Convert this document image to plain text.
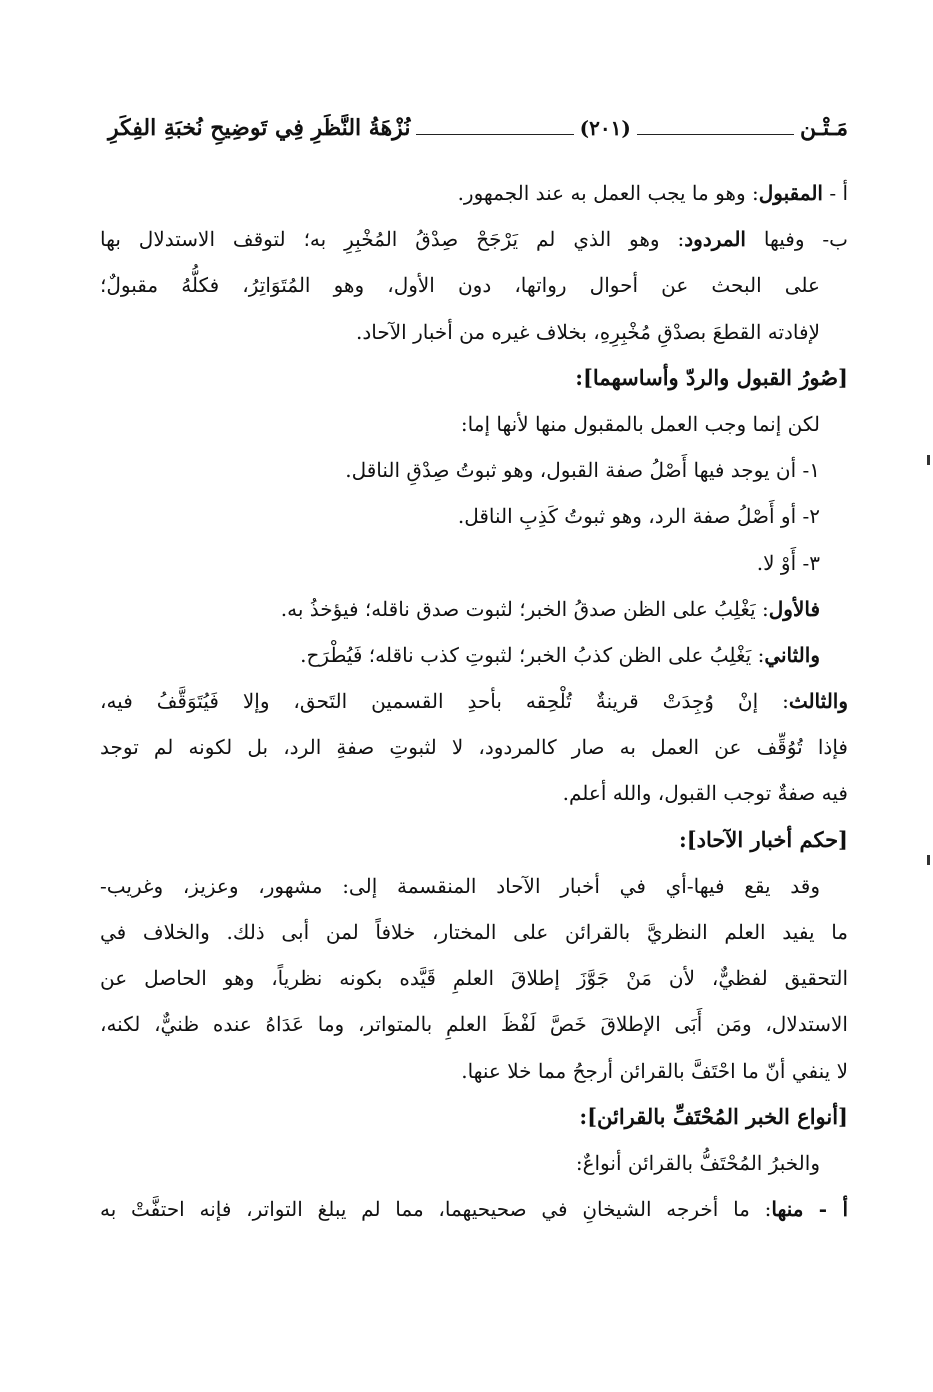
مَـتْـن
(٢٠١)
نُزْهَةُ النَّظَرِ فِي تَوضِيحِ نُخبَةِ الفِكَرِ
أ - المقبول: وهو ما يجب العمل به عند الجمهور.
ب- وفيها المردود: وهو الذي لم يَرْجَحْ صِدْقُ المُخْبِرِ به؛ لتوقف الاستدلال بها
على البحث عن أحوال رواتها، دون الأول، وهو المُتَوَاتِرُ، فكلُّهُ مقبولٌ؛
لإفادته القطعَ بصدْقِ مُخْبِرِهِ، بخلاف غيره من أخبار الآحاد.
[صُورُ القبول والردّ وأساسهما]:
لكن إنما وجب العمل بالمقبول منها لأنها إما:
١- أن يوجد فيها أَصْلُ صفة القبول، وهو ثبوتُ صِدْقِ الناقل.
٢- أو أَصْلُ صفة الرد، وهو ثبوتُ كَذِبِ الناقل.
٣- أَوْ لا.
فالأول: يَغْلِبُ على الظن صدقُ الخبر؛ لثبوت صدق ناقله؛ فيؤخذُ به.
والثاني: يَغْلِبُ على الظن كذبُ الخبر؛ لثبوتِ كذب ناقله؛ فَيُطْرَح.
والثالث: إنْ وُجِدَتْ قرينةٌ تُلْحِقه بأحدِ القسمين التَحق، وإلا فَيُتَوَقَّفُ فيه،
فإذا تُوُقِّف عن العمل به صار كالمردود، لا لثبوتِ صفةِ الرد، بل لكونه لم توجد
فيه صفةٌ توجب القبول، والله أعلم.
[حكم أخبار الآحاد]:
وقد يقع فيها-أي في أخبار الآحاد المنقسمة إلى: مشهور، وعزيز، وغريب-
ما يفيد العلم النظريَّ بالقرائن على المختار، خلافاً لمن أبى ذلك. والخلاف في
التحقيق لفظيٌّ، لأن مَنْ جَوَّزَ إطلاقَ العلمِ قَيَّده بكونه نظرياً، وهو الحاصل عن
الاستدلال، ومَن أَبَى الإطلاقَ خَصَّ لَفْظَ العلمِ بالمتواتر، وما عَدَاهُ عنده ظنيٌّ، لكنه،
لا ينفي أنّ ما احْتَفَّ بالقرائن أرجحُ مما خلا عنها.
[أنواع الخبر المُحْتَفِّ بالقرائن]:
والخبرُ المُحْتَفُّ بالقرائن أنواعٌ:
أ - منها: ما أخرجه الشيخانِ في صحيحيهما، مما لم يبلغ التواتر، فإنه احتفَّتْ به
